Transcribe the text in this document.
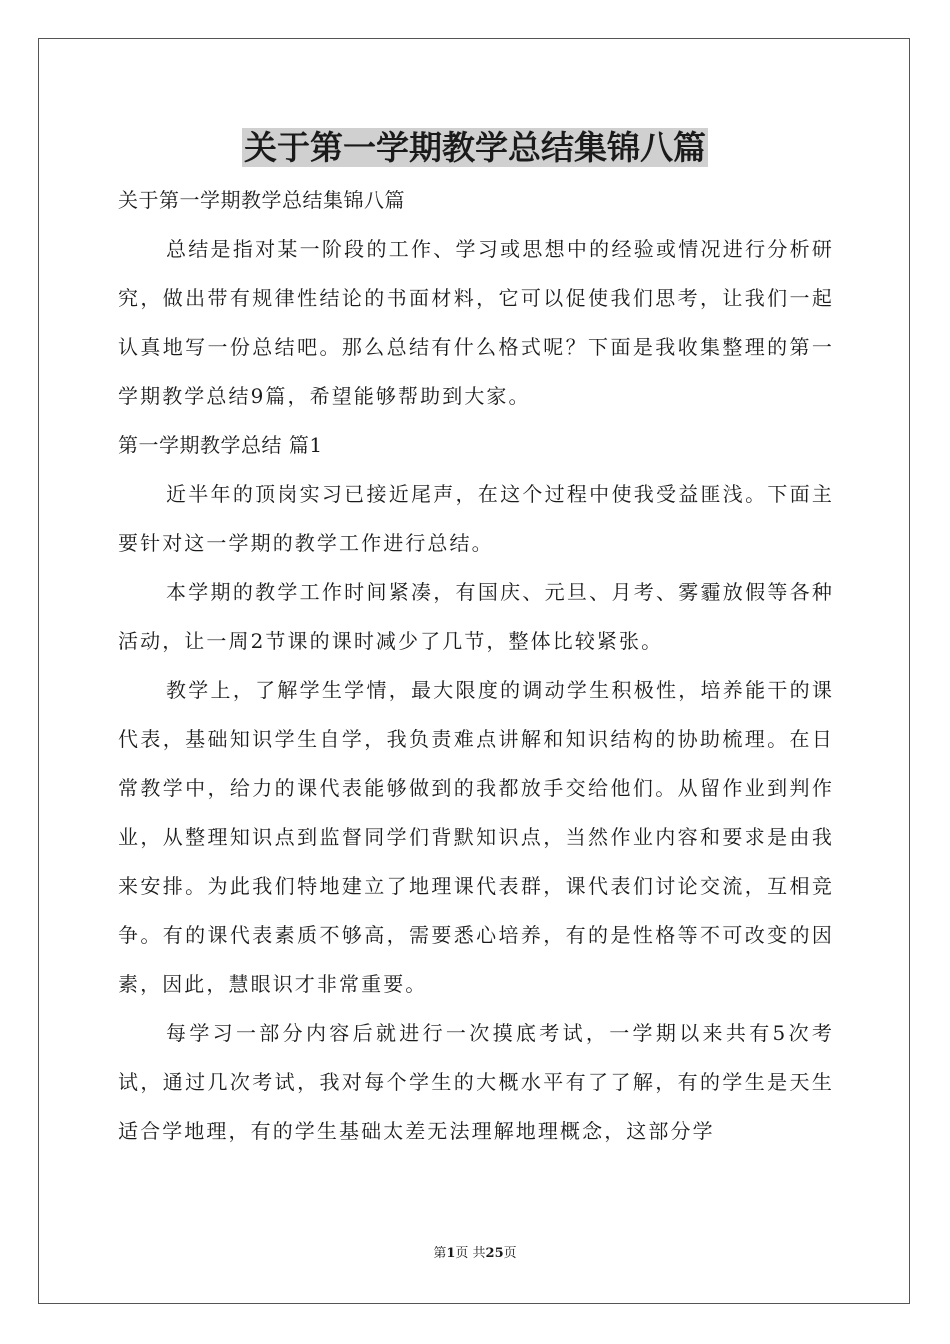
关于第一学期教学总结集锦八篇

关于第一学期教学总结集锦八篇

总结是指对某一阶段的工作、学习或思想中的经验或情况进行分析研究，做出带有规律性结论的书面材料，它可以促使我们思考，让我们一起认真地写一份总结吧。那么总结有什么格式呢？下面是我收集整理的第一学期教学总结9篇，希望能够帮助到大家。

第一学期教学总结 篇1

近半年的顶岗实习已接近尾声，在这个过程中使我受益匪浅。下面主要针对这一学期的教学工作进行总结。

本学期的教学工作时间紧凑，有国庆、元旦、月考、雾霾放假等各种活动，让一周2节课的课时减少了几节，整体比较紧张。

教学上，了解学生学情，最大限度的调动学生积极性，培养能干的课代表，基础知识学生自学，我负责难点讲解和知识结构的协助梳理。在日常教学中，给力的课代表能够做到的我都放手交给他们。从留作业到判作业，从整理知识点到监督同学们背默知识点，当然作业内容和要求是由我来安排。为此我们特地建立了地理课代表群，课代表们讨论交流，互相竞争。有的课代表素质不够高，需要悉心培养，有的是性格等不可改变的因素，因此，慧眼识才非常重要。

每学习一部分内容后就进行一次摸底考试，一学期以来共有5次考试，通过几次考试，我对每个学生的大概水平有了了解，有的学生是天生适合学地理，有的学生基础太差无法理解地理概念，这部分学

第1页 共25页
